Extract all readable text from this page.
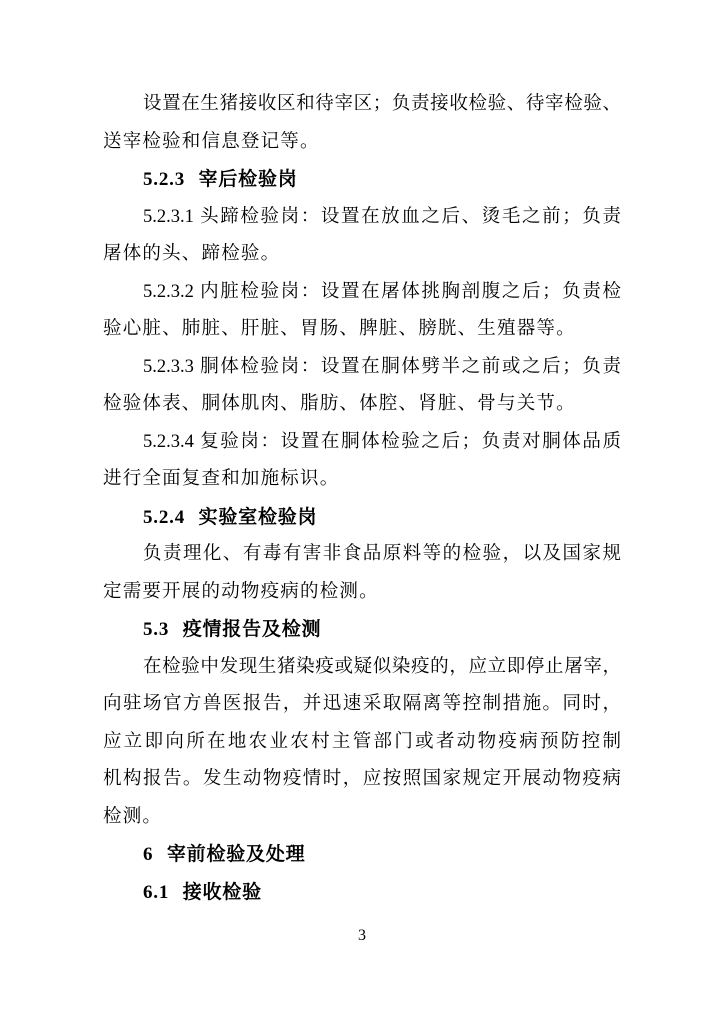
设置在生猪接收区和待宰区；负责接收检验、待宰检验、
送宰检验和信息登记等。
5.2.3 宰后检验岗
5.2.3.1 头蹄检验岗：设置在放血之后、烫毛之前；负责
屠体的头、蹄检验。
5.2.3.2 内脏检验岗：设置在屠体挑胸剖腹之后；负责检
验心脏、肺脏、肝脏、胃肠、脾脏、膀胱、生殖器等。
5.2.3.3 胴体检验岗：设置在胴体劈半之前或之后；负责
检验体表、胴体肌肉、脂肪、体腔、肾脏、骨与关节。
5.2.3.4 复验岗：设置在胴体检验之后；负责对胴体品质
进行全面复查和加施标识。
5.2.4 实验室检验岗
负责理化、有毒有害非食品原料等的检验，以及国家规
定需要开展的动物疫病的检测。
5.3 疫情报告及检测
在检验中发现生猪染疫或疑似染疫的，应立即停止屠宰，
向驻场官方兽医报告，并迅速采取隔离等控制措施。同时，
应立即向所在地农业农村主管部门或者动物疫病预防控制
机构报告。发生动物疫情时，应按照国家规定开展动物疫病
检测。
6 宰前检验及处理
6.1 接收检验
3
